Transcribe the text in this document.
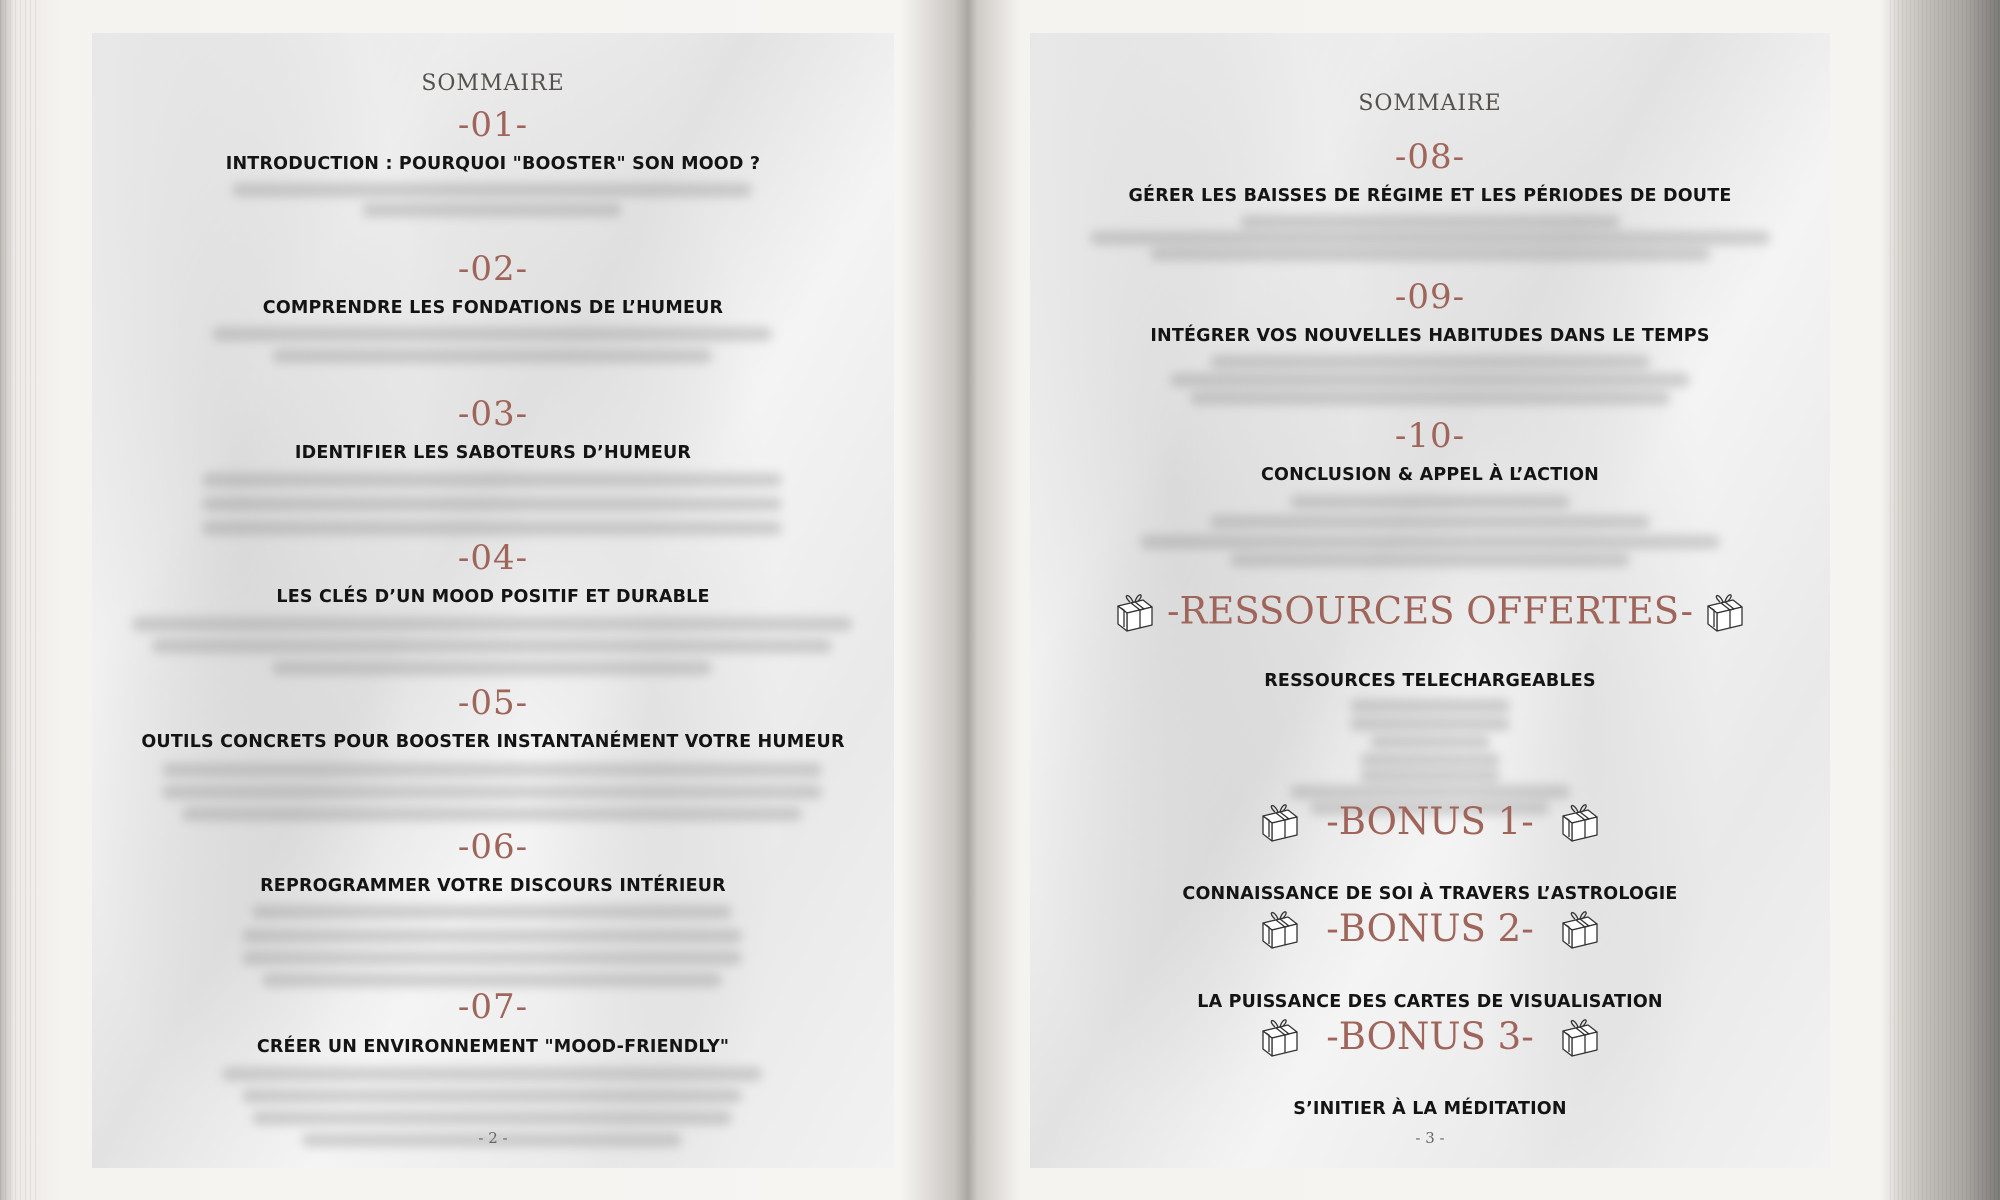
SOMMAIRE
-01-
INTRODUCTION : POURQUOI "BOOSTER" SON MOOD ?
-02-
COMPRENDRE LES FONDATIONS DE L’HUMEUR
-03-
IDENTIFIER LES SABOTEURS D’HUMEUR
-04-
LES CLÉS D’UN MOOD POSITIF ET DURABLE
-05-
OUTILS CONCRETS POUR BOOSTER INSTANTANÉMENT VOTRE HUMEUR
-06-
REPROGRAMMER VOTRE DISCOURS INTÉRIEUR
-07-
CRÉER UN ENVIRONNEMENT "MOOD-FRIENDLY"
- 2 -
SOMMAIRE
-08-
GÉRER LES BAISSES DE RÉGIME ET LES PÉRIODES DE DOUTE
-09-
INTÉGRER VOS NOUVELLES HABITUDES DANS LE TEMPS
-10-
CONCLUSION & APPEL À L’ACTION
-RESSOURCES OFFERTES-
RESSOURCES TELECHARGEABLES
-BONUS 1-
CONNAISSANCE DE SOI À TRAVERS L’ASTROLOGIE
-BONUS 2-
LA PUISSANCE DES CARTES DE VISUALISATION
-BONUS 3-
S’INITIER À LA MÉDITATION
- 3 -
